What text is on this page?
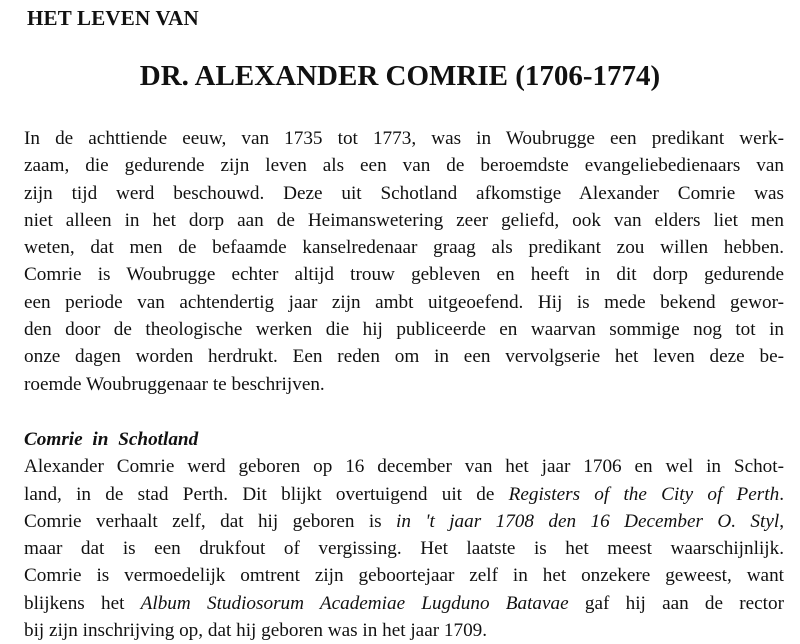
HET LEVEN VAN
DR. ALEXANDER COMRIE (1706-1774)
In de achttiende eeuw, van 1735 tot 1773, was in Woubrugge een predikant werk-
zaam, die gedurende zijn leven als een van de beroemdste evangeliebedienaars van
zijn tijd werd beschouwd. Deze uit Schotland afkomstige Alexander Comrie was
niet alleen in het dorp aan de Heimanswetering zeer geliefd, ook van elders liet men
weten, dat men de befaamde kanselredenaar graag als predikant zou willen hebben.
Comrie is Woubrugge echter altijd trouw gebleven en heeft in dit dorp gedurende
een periode van achtendertig jaar zijn ambt uitgeoefend. Hij is mede bekend gewor-
den door de theologische werken die hij publiceerde en waarvan sommige nog tot in
onze dagen worden herdrukt. Een reden om in een vervolgserie het leven deze be-
roemde Woubruggenaar te beschrijven.
Comrie in Schotland
Alexander Comrie werd geboren op 16 december van het jaar 1706 en wel in Schot-
land, in de stad Perth. Dit blijkt overtuigend uit de Registers of the City of Perth.
Comrie verhaalt zelf, dat hij geboren is in 't jaar 1708 den 16 December O. Styl,
maar dat is een drukfout of vergissing. Het laatste is het meest waarschijnlijk.
Comrie is vermoedelijk omtrent zijn geboortejaar zelf in het onzekere geweest, want
blijkens het Album Studiosorum Academiae Lugduno Batavae gaf hij aan de rector
bij zijn inschrijving op, dat hij geboren was in het jaar 1709.
